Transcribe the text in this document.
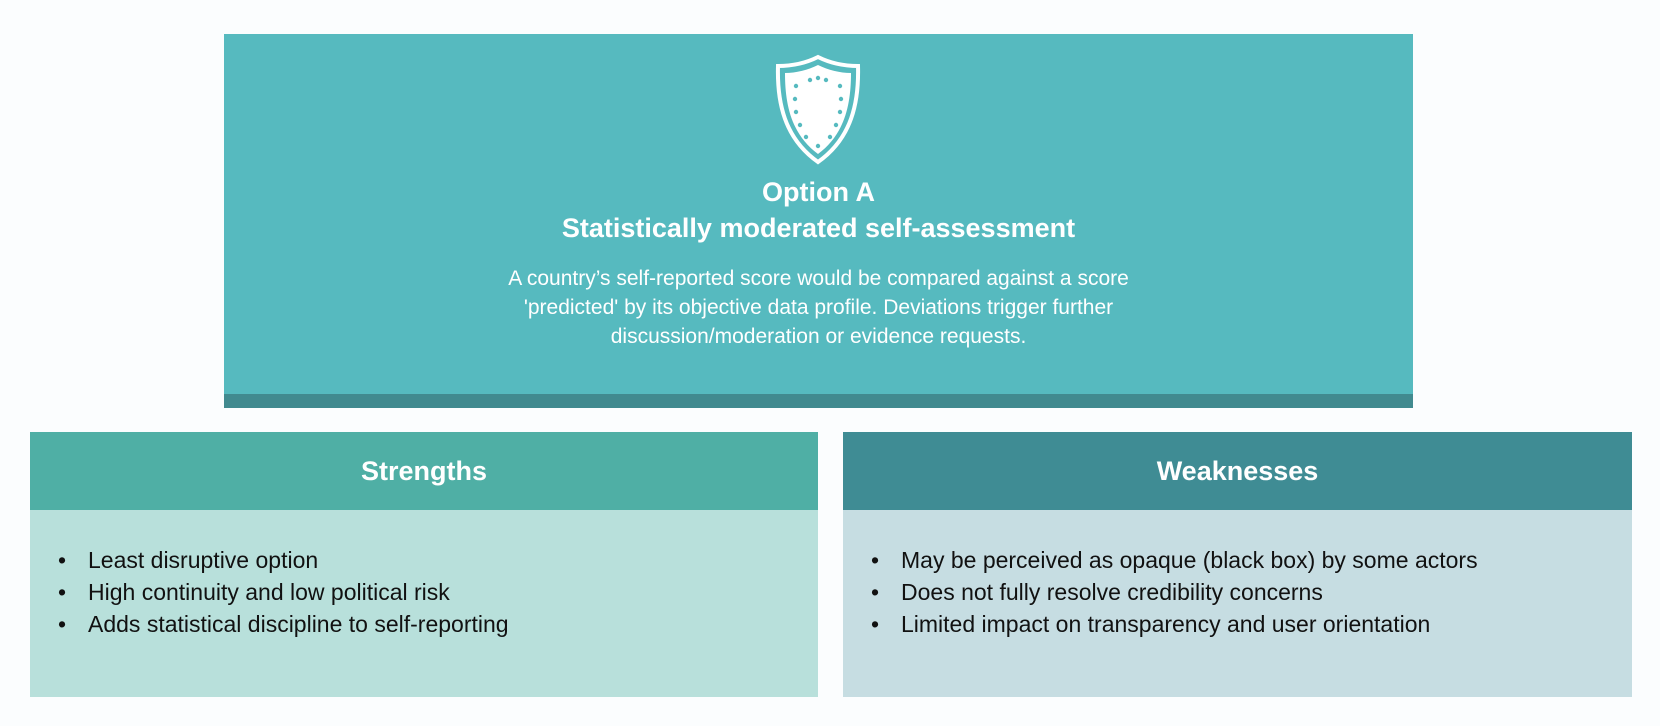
Option A
Statistically moderated self-assessment
A country’s self-reported score would be compared against a score 'predicted' by its objective data profile. Deviations trigger further discussion/moderation or evidence requests.
Strengths
• Least disruptive option
• High continuity and low political risk
• Adds statistical discipline to self-reporting
Weaknesses
• May be perceived as opaque (black box) by some actors
• Does not fully resolve credibility concerns
• Limited impact on transparency and user orientation
